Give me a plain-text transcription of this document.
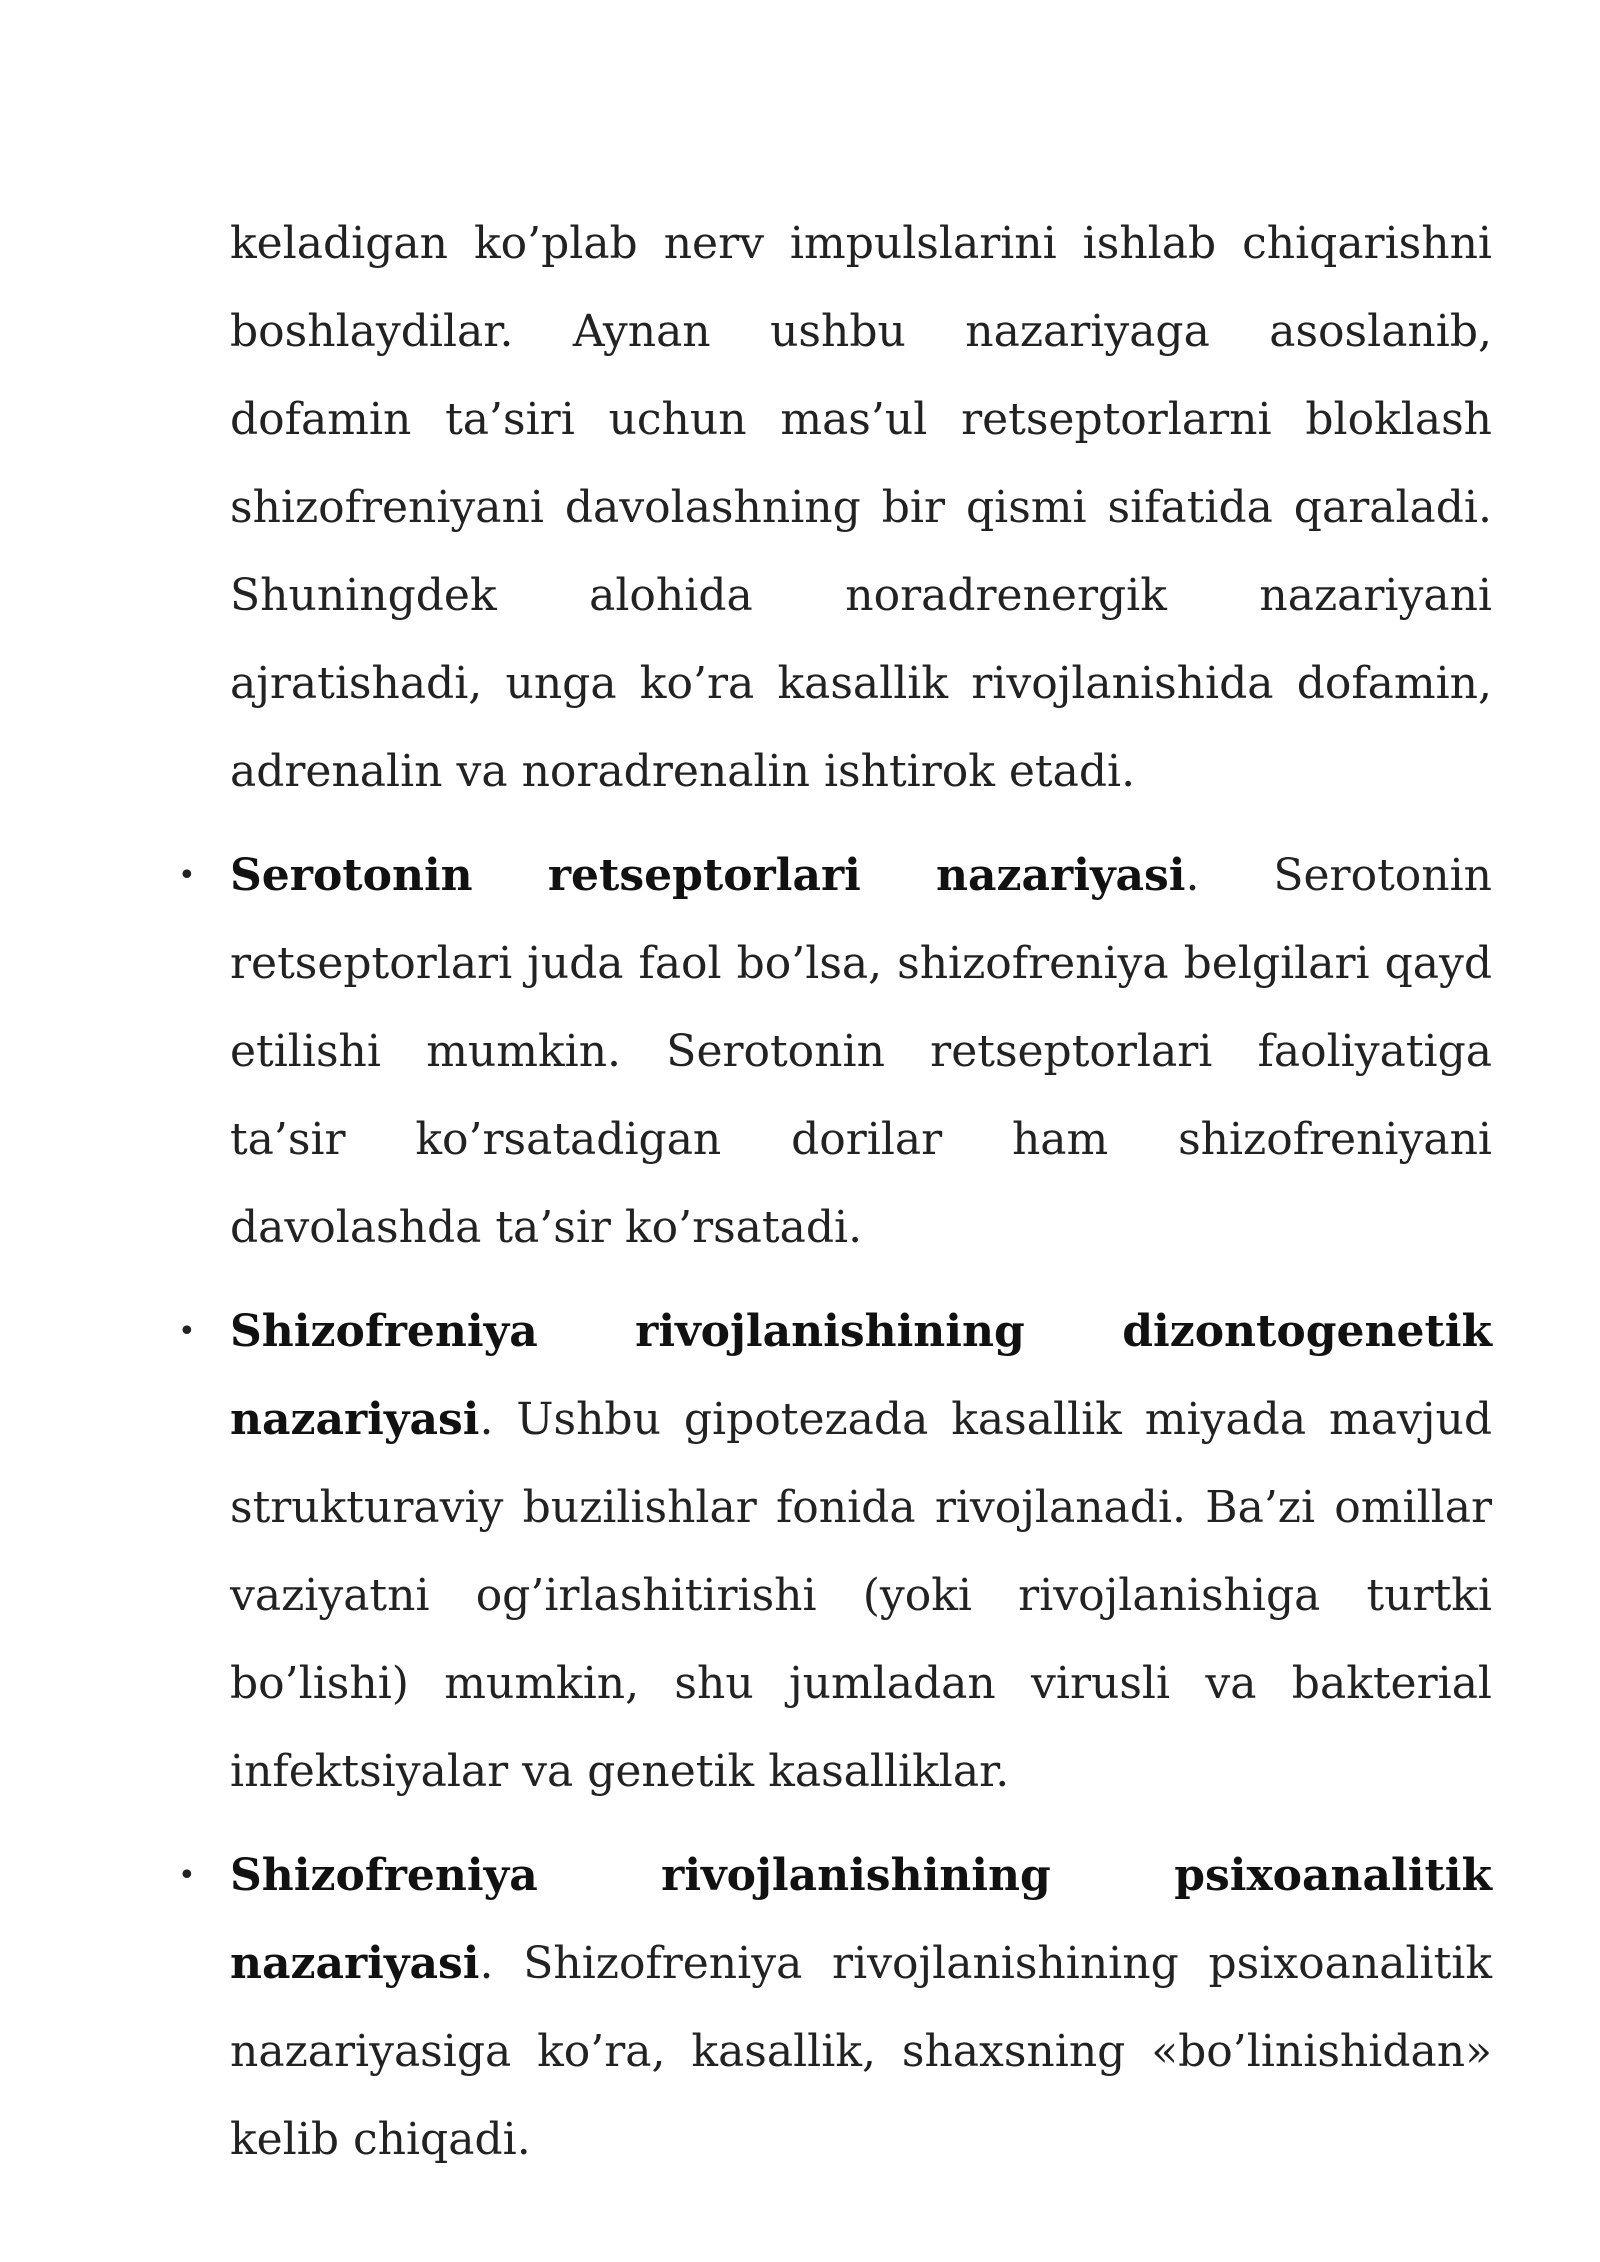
keladigan ko’plab nerv impulslarini ishlab chiqarishni boshlaydilar. Aynan ushbu nazariyaga asoslanib, dofamin ta’siri uchun mas’ul retseptorlarni bloklash shizofreniyani davolashning bir qismi sifatida qaraladi. Shuningdek alohida noradrenergik nazariyani ajratishadi, unga ko’ra kasallik rivojlanishida dofamin, adrenalin va noradrenalin ishtirok etadi.

• Serotonin retseptorlari nazariyasi. Serotonin retseptorlari juda faol bo’lsa, shizofreniya belgilari qayd etilishi mumkin. Serotonin retseptorlari faoliyatiga ta’sir ko’rsatadigan dorilar ham shizofreniyani davolashda ta’sir ko’rsatadi.
• Shizofreniya rivojlanishining dizontogenetik nazariyasi. Ushbu gipotezada kasallik miyada mavjud strukturaviy buzilishlar fonida rivojlanadi. Ba’zi omillar vaziyatni og’irlashitirishi (yoki rivojlanishiga turtki bo’lishi) mumkin, shu jumladan virusli va bakterial infektsiyalar va genetik kasalliklar.
• Shizofreniya rivojlanishining psixoanalitik nazariyasi. Shizofreniya rivojlanishining psixoanalitik nazariyasiga ko’ra, kasallik, shaxsning «bo’linishidan» kelib chiqadi.
